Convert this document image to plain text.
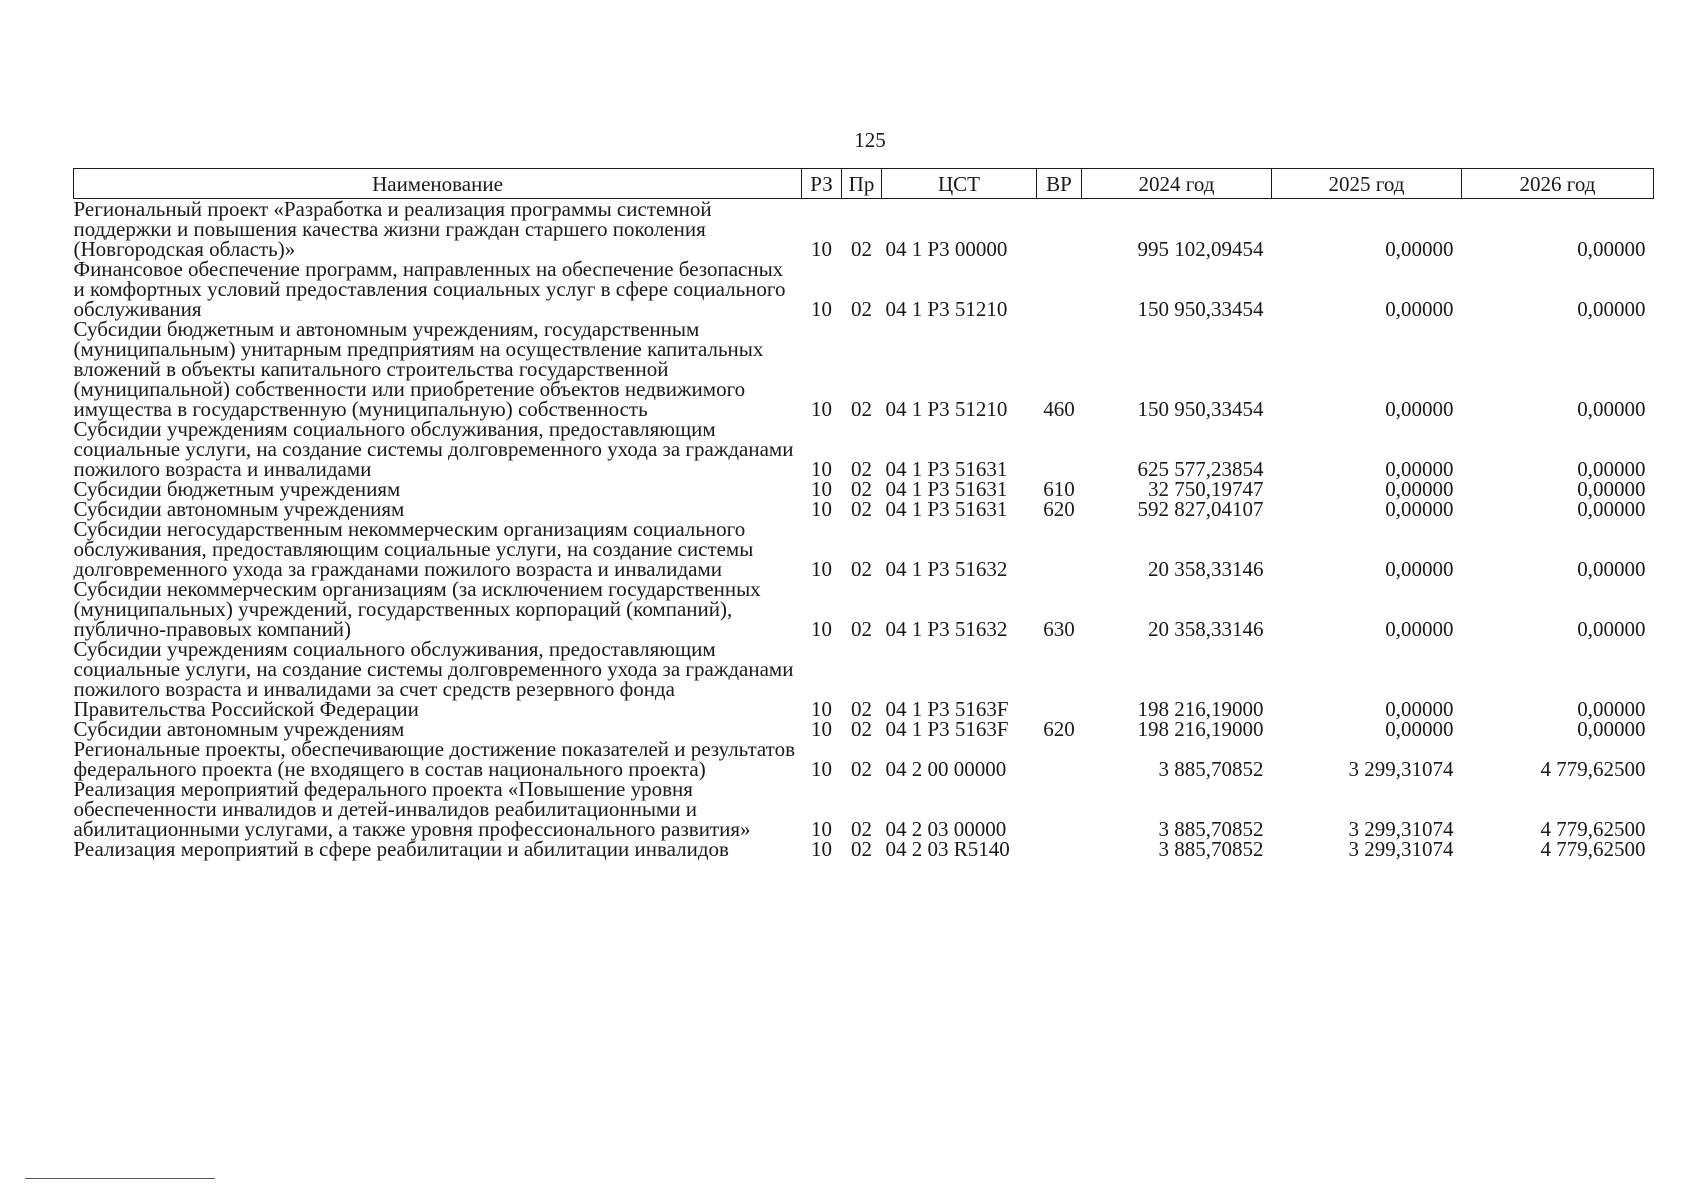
125
Наименование	РЗ	Пр	ЦСТ	ВР	2024 год	2025 год	2026 год
Региональный проект «Разработка и реализация программы системной поддержки и повышения качества жизни граждан старшего поколения (Новгородская область)»	10	02	04 1 P3 00000		995 102,09454	0,00000	0,00000
Финансовое обеспечение программ, направленных на обеспечение безопасных и комфортных условий предоставления социальных услуг в сфере социального обслуживания	10	02	04 1 P3 51210		150 950,33454	0,00000	0,00000
Субсидии бюджетным и автономным учреждениям, государственным (муниципальным) унитарным предприятиям на осуществление капитальных вложений в объекты капитального строительства государственной (муниципальной) собственности или приобретение объектов недвижимого имущества в государственную (муниципальную) собственность	10	02	04 1 P3 51210	460	150 950,33454	0,00000	0,00000
Субсидии учреждениям социального обслуживания, предоставляющим социальные услуги, на создание системы долговременного ухода за гражданами пожилого возраста и инвалидами	10	02	04 1 P3 51631		625 577,23854	0,00000	0,00000
Субсидии бюджетным учреждениям	10	02	04 1 P3 51631	610	32 750,19747	0,00000	0,00000
Субсидии автономным учреждениям	10	02	04 1 P3 51631	620	592 827,04107	0,00000	0,00000
Субсидии негосударственным некоммерческим организациям социального обслуживания, предоставляющим социальные услуги, на создание системы долговременного ухода за гражданами пожилого возраста и инвалидами	10	02	04 1 P3 51632		20 358,33146	0,00000	0,00000
Субсидии некоммерческим организациям (за исключением государственных (муниципальных) учреждений, государственных корпораций (компаний), публично-правовых компаний)	10	02	04 1 P3 51632	630	20 358,33146	0,00000	0,00000
Субсидии учреждениям социального обслуживания, предоставляющим социальные услуги, на создание системы долговременного ухода за гражданами пожилого возраста и инвалидами за счет средств резервного фонда Правительства Российской Федерации	10	02	04 1 P3 5163F		198 216,19000	0,00000	0,00000
Субсидии автономным учреждениям	10	02	04 1 P3 5163F	620	198 216,19000	0,00000	0,00000
Региональные проекты, обеспечивающие достижение показателей и результатов федерального проекта (не входящего в состав национального проекта)	10	02	04 2 00 00000		3 885,70852	3 299,31074	4 779,62500
Реализация мероприятий федерального проекта «Повышение уровня обеспеченности инвалидов и детей-инвалидов реабилитационными и абилитационными услугами, а также уровня профессионального развития»	10	02	04 2 03 00000		3 885,70852	3 299,31074	4 779,62500
Реализация мероприятий в сфере реабилитации и абилитации инвалидов	10	02	04 2 03 R5140		3 885,70852	3 299,31074	4 779,62500
